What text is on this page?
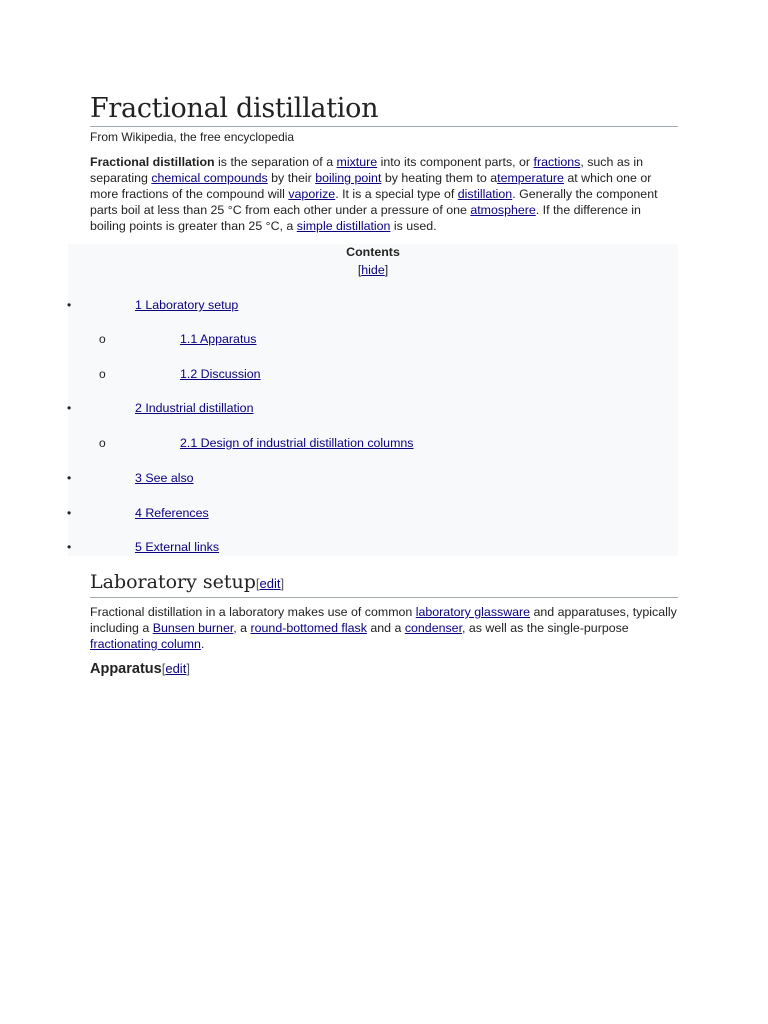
Fractional distillation
From Wikipedia, the free encyclopedia

Fractional distillation is the separation of a mixture into its component parts, or fractions, such as in separating chemical compounds by their boiling point by heating them to atemperature at which one or more fractions of the compound will vaporize. It is a special type of distillation. Generally the component parts boil at less than 25 °C from each other under a pressure of one atmosphere. If the difference in boiling points is greater than 25 °C, a simple distillation is used.

Contents
[hide]
•	1 Laboratory setup
o	1.1 Apparatus
o	1.2 Discussion
•	2 Industrial distillation
o	2.1 Design of industrial distillation columns
•	3 See also
•	4 References
•	5 External links
Laboratory setup[edit]

Fractional distillation in a laboratory makes use of common laboratory glassware and apparatuses, typically including a Bunsen burner, a round-bottomed flask and a condenser, as well as the single-purpose fractionating column.

Apparatus[edit]
